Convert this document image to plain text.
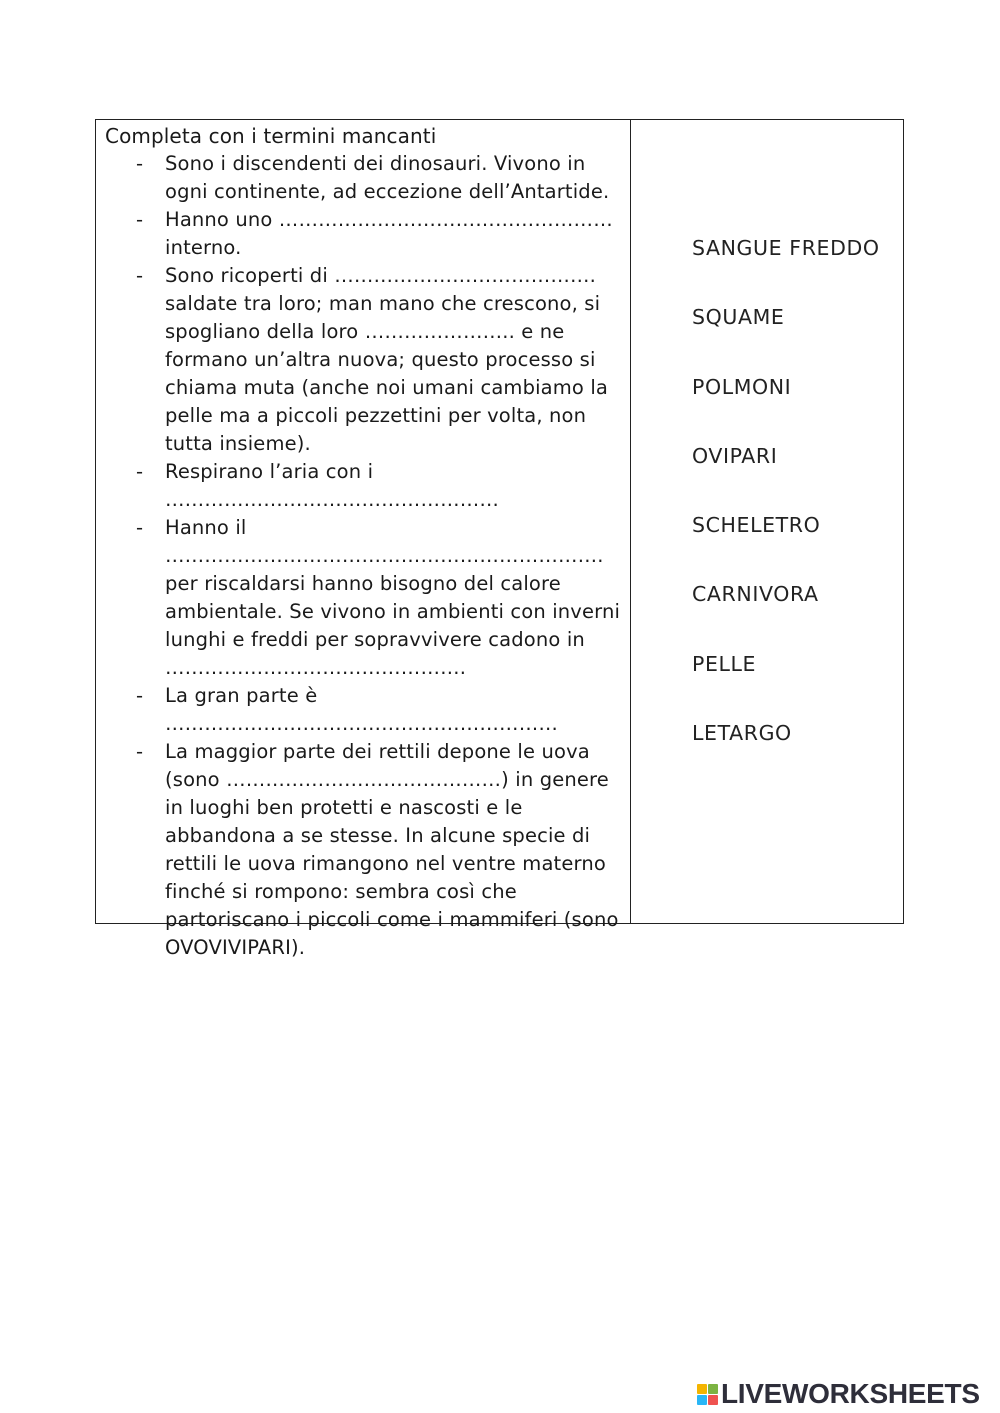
Completa con i termini mancanti

- Sono i discendenti dei dinosauri. Vivono in ogni continente, ad eccezione dell’Antartide.
- Hanno uno …………………………………………… interno.
- Sono ricoperti di …………………………………. saldate tra loro; man mano che crescono, si spogliano della loro ………………….. e ne formano un’altra nuova; questo processo si chiama muta (anche noi umani cambiamo la pelle ma a piccoli pezzettini per volta, non tutta insieme).
- Respirano l’aria con i ……………………………………………
- Hanno il …………………………………………………………. per riscaldarsi hanno bisogno del calore ambientale. Se vivono in ambienti con inverni lunghi e freddi per sopravvivere cadono in ……………………………………….
- La gran parte è ……………………………………………………
- La maggior parte dei rettili depone le uova (sono ……………………………………) in genere in luoghi ben protetti e nascosti e le abbandona a se stesse. In alcune specie di rettili le uova rimangono nel ventre materno finché si rompono: sembra così che partoriscano i piccoli come i mammiferi (sono OVOVIVIPARI).
SANGUE FREDDO
SQUAME
POLMONI
OVIPARI
SCHELETRO
CARNIVORA
PELLE
LETARGO
LIVEWORKSHEETS
